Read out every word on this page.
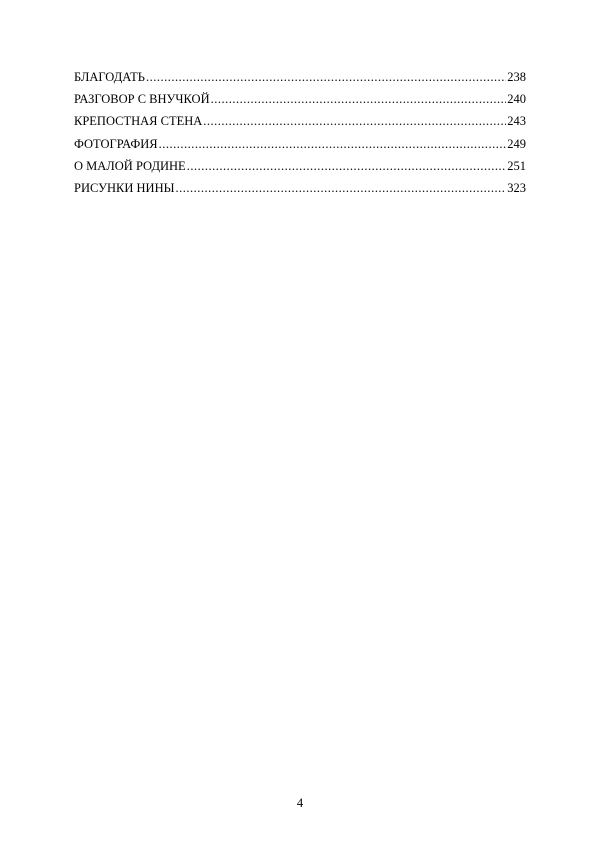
БЛАГОДАТЬ .....	238
РАЗГОВОР С ВНУЧКОЙ .....	240
КРЕПОСТНАЯ СТЕНА .....	243
ФОТОГРАФИЯ .....	249
О МАЛОЙ РОДИНЕ .....	251
РИСУНКИ НИНЫ .....	323
4
